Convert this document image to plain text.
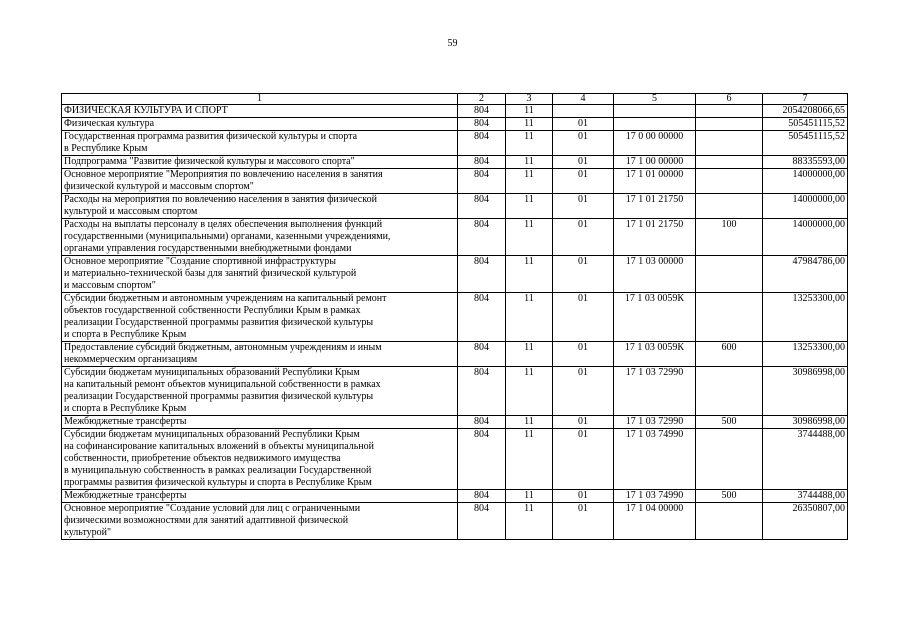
59
1	2	3	4	5	6	7
ФИЗИЧЕСКАЯ КУЛЬТУРА И СПОРТ	804	11				2054208066,65
Физическая культура	804	11	01			505451115,52
Государственная программа развития физической культуры и спорта
в Республике Крым	804	11	01	17 0 00 00000		505451115,52
Подпрограмма "Развитие физической культуры и массового спорта"	804	11	01	17 1 00 00000		88335593,00
Основное мероприятие "Мероприятия по вовлечению населения в занятия
физической культурой и массовым спортом"	804	11	01	17 1 01 00000		14000000,00
Расходы на мероприятия по вовлечению населения в занятия физической
культурой и массовым спортом	804	11	01	17 1 01 21750		14000000,00
Расходы на выплаты персоналу в целях обеспечения выполнения функций
государственными (муниципальными) органами, казенными учреждениями,
органами управления государственными внебюджетными фондами	804	11	01	17 1 01 21750	100	14000000,00
Основное мероприятие "Создание спортивной инфраструктуры
и материально-технической базы для занятий физической культурой
и массовым спортом"	804	11	01	17 1 03 00000		47984786,00
Субсидии бюджетным и автономным учреждениям на капитальный ремонт
объектов государственной собственности Республики Крым в рамках
реализации Государственной программы развития физической культуры
и спорта в Республике Крым	804	11	01	17 1 03 0059К		13253300,00
Предоставление субсидий бюджетным, автономным учреждениям и иным
некоммерческим организациям	804	11	01	17 1 03 0059К	600	13253300,00
Субсидии бюджетам муниципальных образований Республики Крым
на капитальный ремонт объектов муниципальной собственности в рамках
реализации Государственной программы развития физической культуры
и спорта в Республике Крым	804	11	01	17 1 03 72990		30986998,00
Межбюджетные трансферты	804	11	01	17 1 03 72990	500	30986998,00
Субсидии бюджетам муниципальных образований Республики Крым
на софинансирование капитальных вложений в объекты муниципальной
собственности, приобретение объектов недвижимого имущества
в муниципальную собственность в рамках реализации Государственной
программы развития физической культуры и спорта в Республике Крым	804	11	01	17 1 03 74990		3744488,00
Межбюджетные трансферты	804	11	01	17 1 03 74990	500	3744488,00
Основное мероприятие "Создание условий для лиц с ограниченными
физическими возможностями для занятий адаптивной физической
культурой"	804	11	01	17 1 04 00000		26350807,00
